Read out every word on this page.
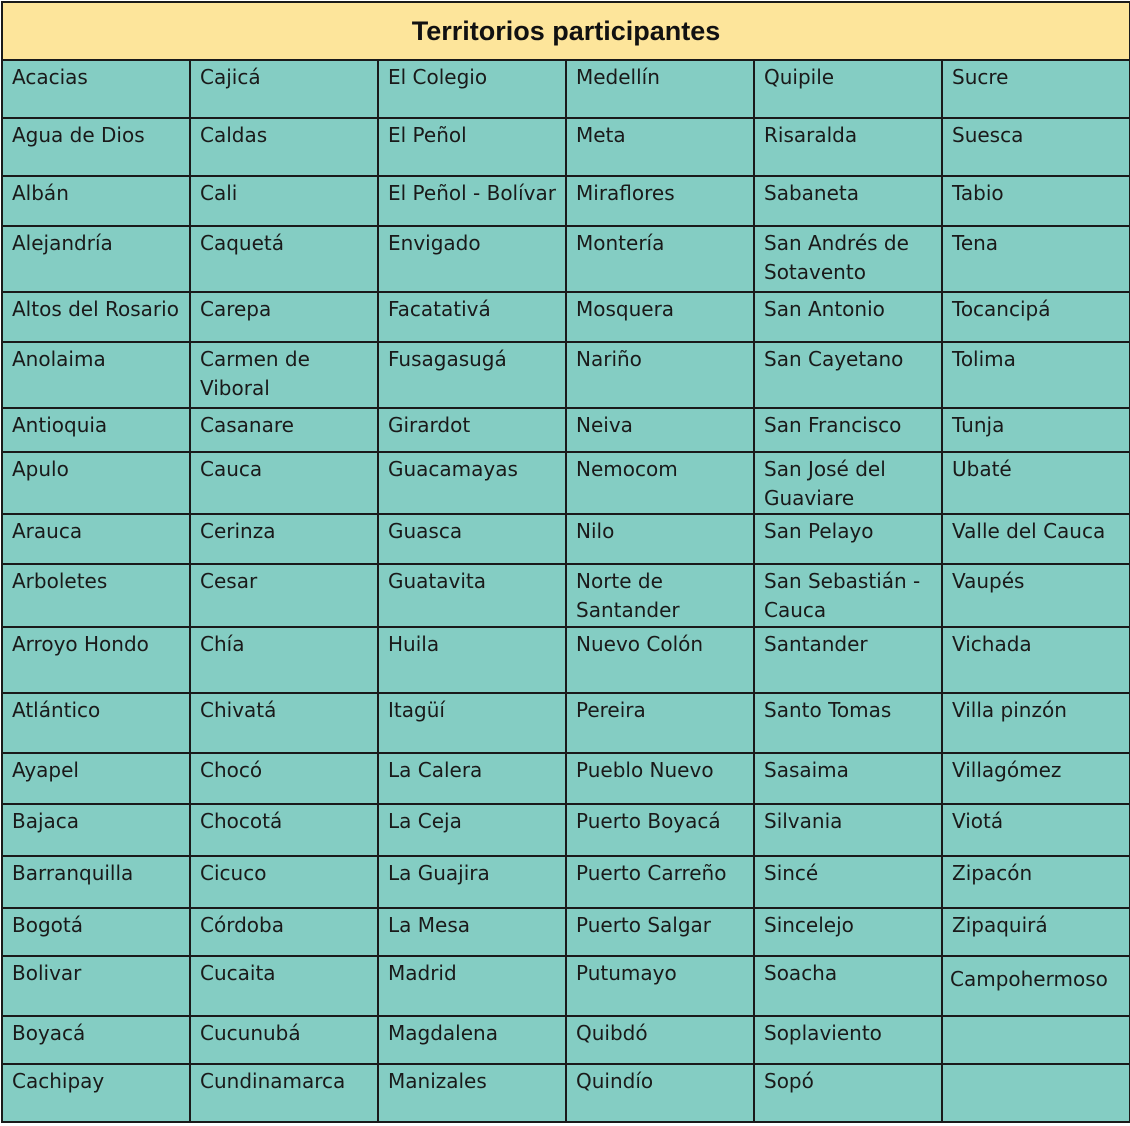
Territorios participantes					
Acacias	Cajicá	El Colegio	Medellín	Quipile	Sucre
Agua de Dios	Caldas	El Peñol	Meta	Risaralda	Suesca
Albán	Cali	El Peñol - Bolívar	Miraflores	Sabaneta	Tabio
Alejandría	Caquetá	Envigado	Montería	San Andrés de Sotavento	Tena
Altos del Rosario	Carepa	Facatativá	Mosquera	San Antonio	Tocancipá
Anolaima	Carmen de Viboral	Fusagasugá	Nariño	San Cayetano	Tolima
Antioquia	Casanare	Girardot	Neiva	San Francisco	Tunja
Apulo	Cauca	Guacamayas	Nemocom	San José del Guaviare	Ubaté
Arauca	Cerinza	Guasca	Nilo	San Pelayo	Valle del Cauca
Arboletes	Cesar	Guatavita	Norte de Santander	San Sebastián - Cauca	Vaupés
Arroyo Hondo	Chía	Huila	Nuevo Colón	Santander	Vichada
Atlántico	Chivatá	Itagüí	Pereira	Santo Tomas	Villa pinzón
Ayapel	Chocó	La Calera	Pueblo Nuevo	Sasaima	Villagómez
Bajaca	Chocotá	La Ceja	Puerto Boyacá	Silvania	Viotá
Barranquilla	Cicuco	La Guajira	Puerto Carreño	Sincé	Zipacón
Bogotá	Córdoba	La Mesa	Puerto Salgar	Sincelejo	Zipaquirá
Bolivar	Cucaita	Madrid	Putumayo	Soacha	Campohermoso
Boyacá	Cucunubá	Magdalena	Quibdó	Soplaviento	
Cachipay	Cundinamarca	Manizales	Quindío	Sopó	
